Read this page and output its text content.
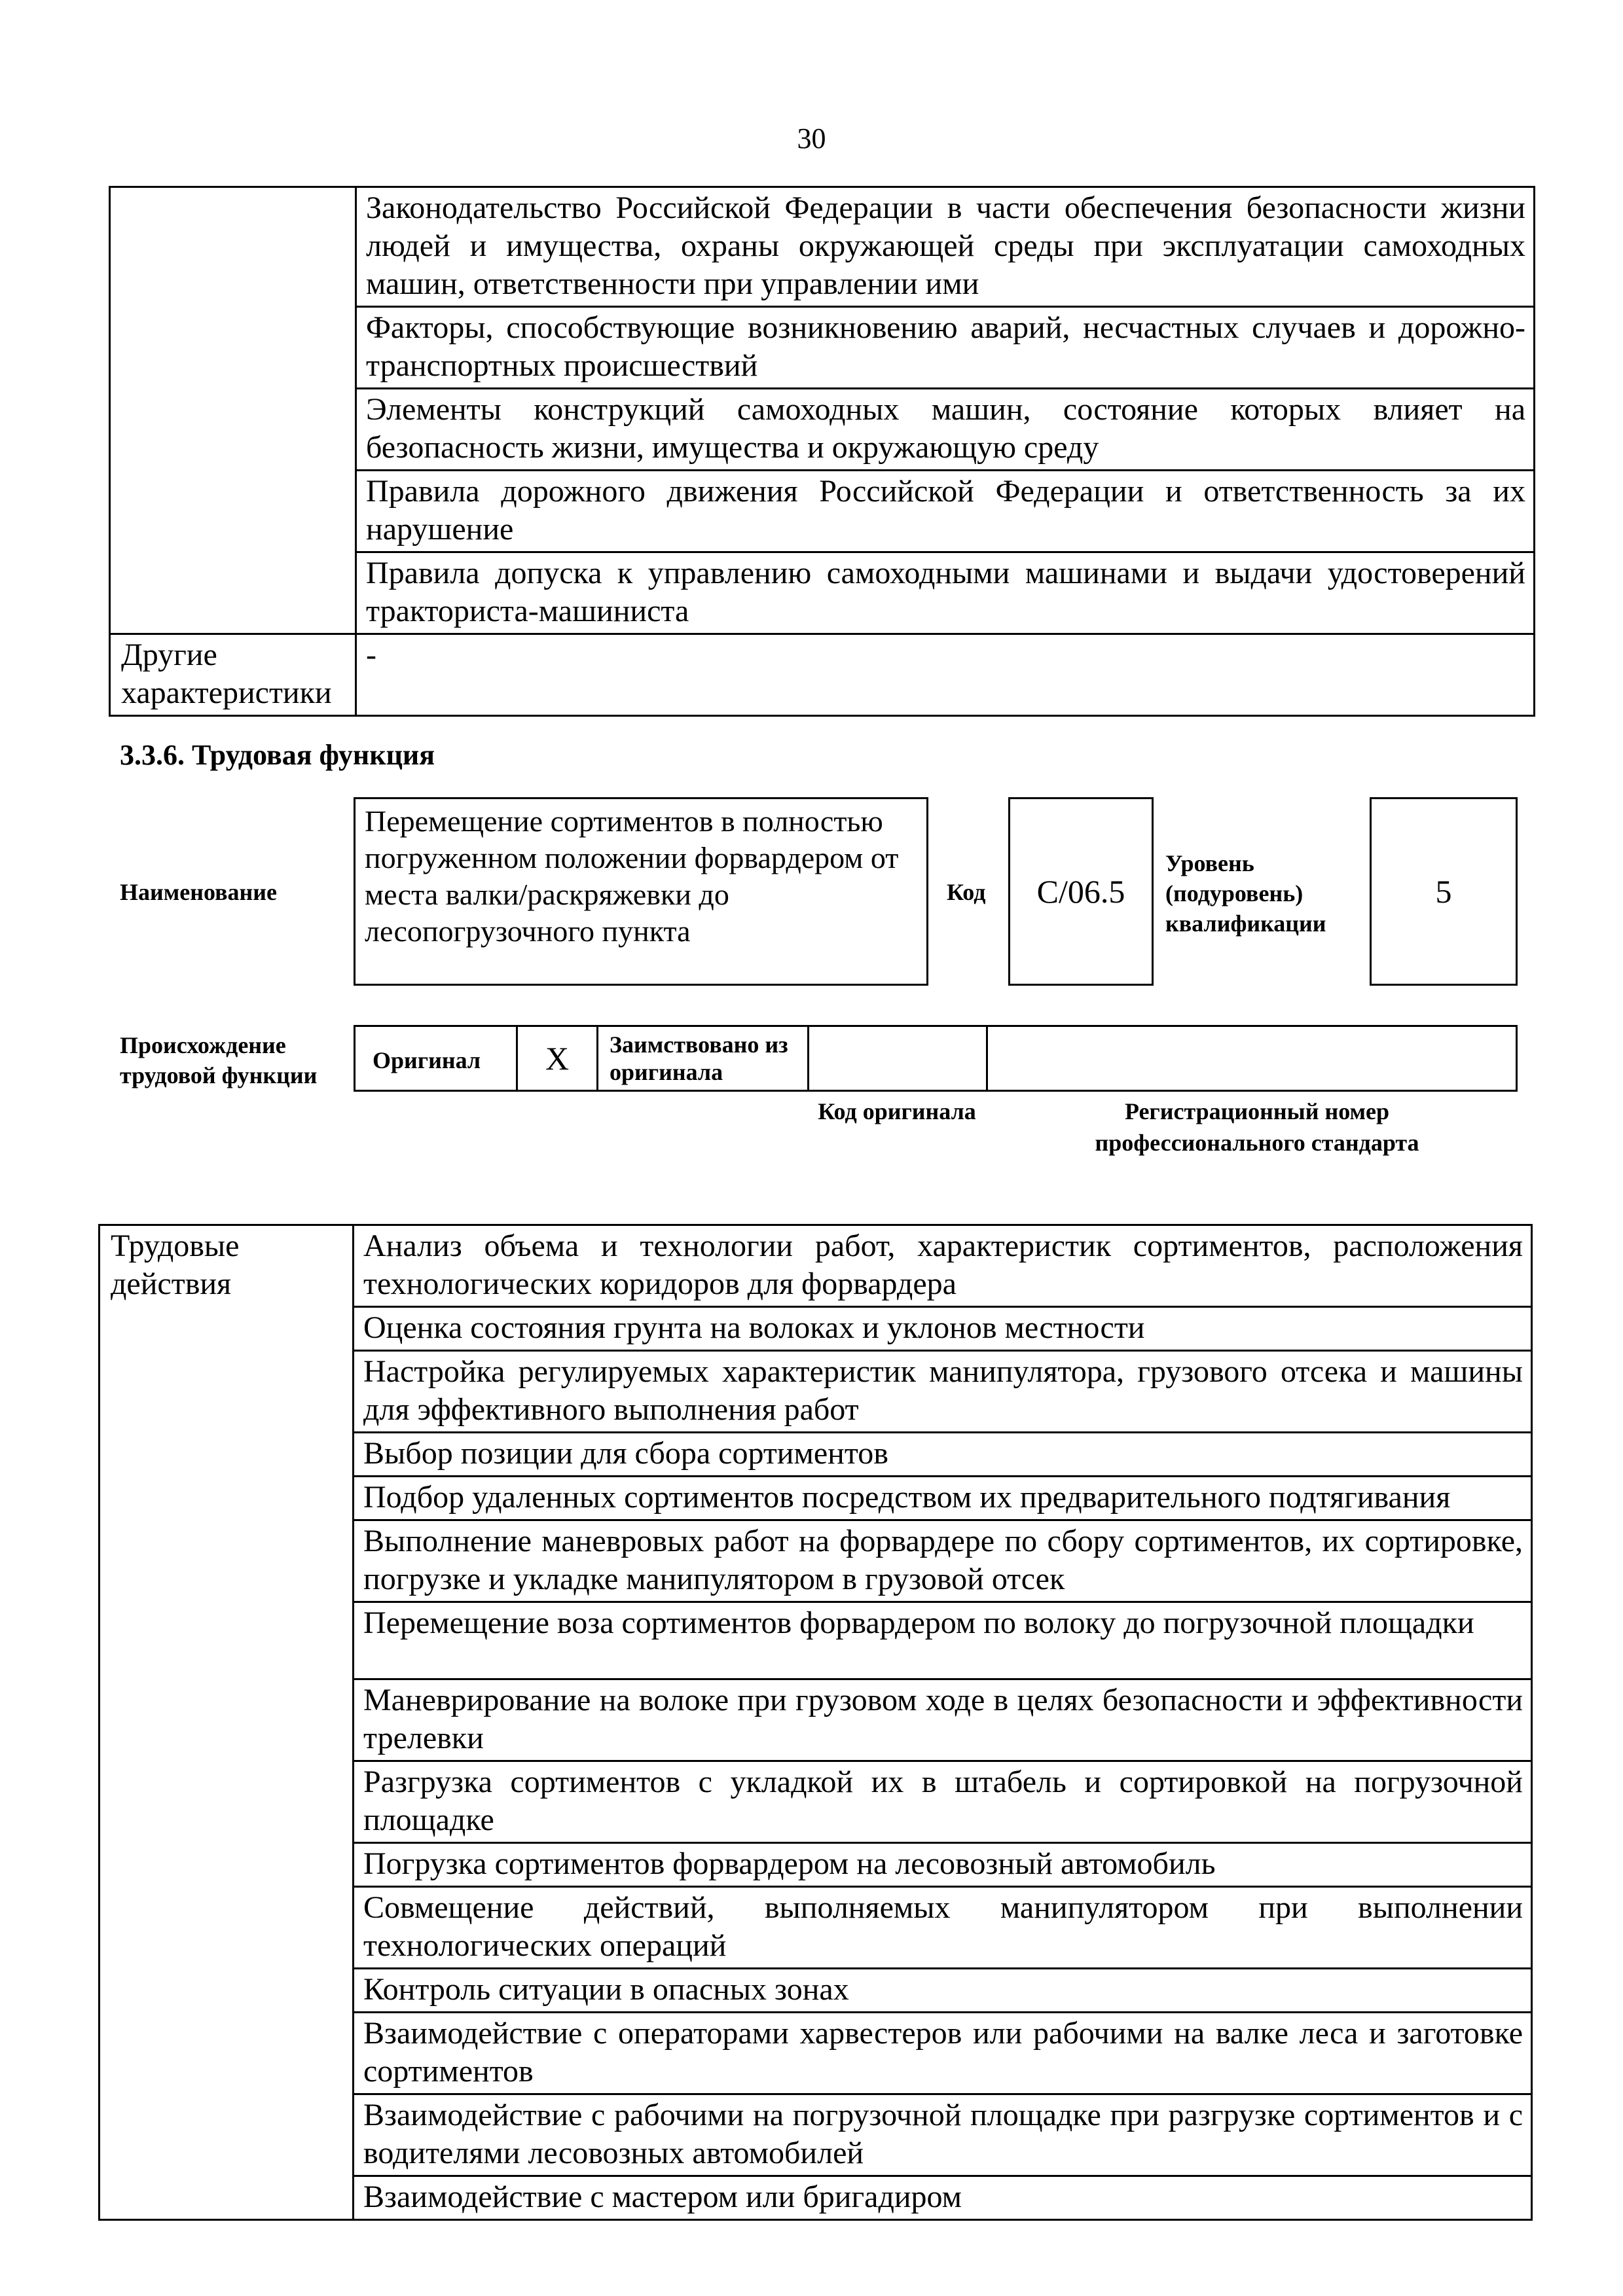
30
	Законодательство Российской Федерации в части обеспечения безопасности жизни людей и имущества, охраны окружающей среды при эксплуатации самоходных машин, ответственности при управлении ими
	Факторы, способствующие возникновению аварий, несчастных случаев и дорожно-транспортных происшествий
	Элементы конструкций самоходных машин, состояние которых влияет на безопасность жизни, имущества и окружающую среду
	Правила дорожного движения Российской Федерации и ответственность за их нарушение
	Правила допуска к управлению самоходными машинами и выдачи удостоверений тракториста-машиниста
Другие характеристики	-
3.3.6. Трудовая функция
Наименование
Перемещение сортиментов в полностью погруженном положении форвардером от места валки/раскряжевки до лесопогрузочного пункта
Код С/06.5
Уровень (подуровень) квалификации
5
Происхождение трудовой функции
Оригинал	Х	Заимствовано из оригинала
Код оригинала	Регистрационный номер профессионального стандарта
Трудовые действия	Анализ объема и технологии работ, характеристик сортиментов, расположения технологических коридоров для форвардера
Оценка состояния грунта на волоках и уклонов местности
Настройка регулируемых характеристик манипулятора, грузового отсека и машины для эффективного выполнения работ
Выбор позиции для сбора сортиментов
Подбор удаленных сортиментов посредством их предварительного подтягивания
Выполнение маневровых работ на форвардере по сбору сортиментов, их сортировке, погрузке и укладке манипулятором в грузовой отсек
Перемещение воза сортиментов форвардером по волоку до погрузочной площадки
Маневрирование на волоке при грузовом ходе в целях безопасности и эффективности трелевки
Разгрузка сортиментов с укладкой их в штабель и сортировкой на погрузочной площадке
Погрузка сортиментов форвардером на лесовозный автомобиль
Совмещение действий, выполняемых манипулятором при выполнении технологических операций
Контроль ситуации в опасных зонах
Взаимодействие с операторами харвестеров или рабочими на валке леса и заготовке сортиментов
Взаимодействие с рабочими на погрузочной площадке при разгрузке сортиментов и с водителями лесовозных автомобилей
Взаимодействие с мастером или бригадиром
